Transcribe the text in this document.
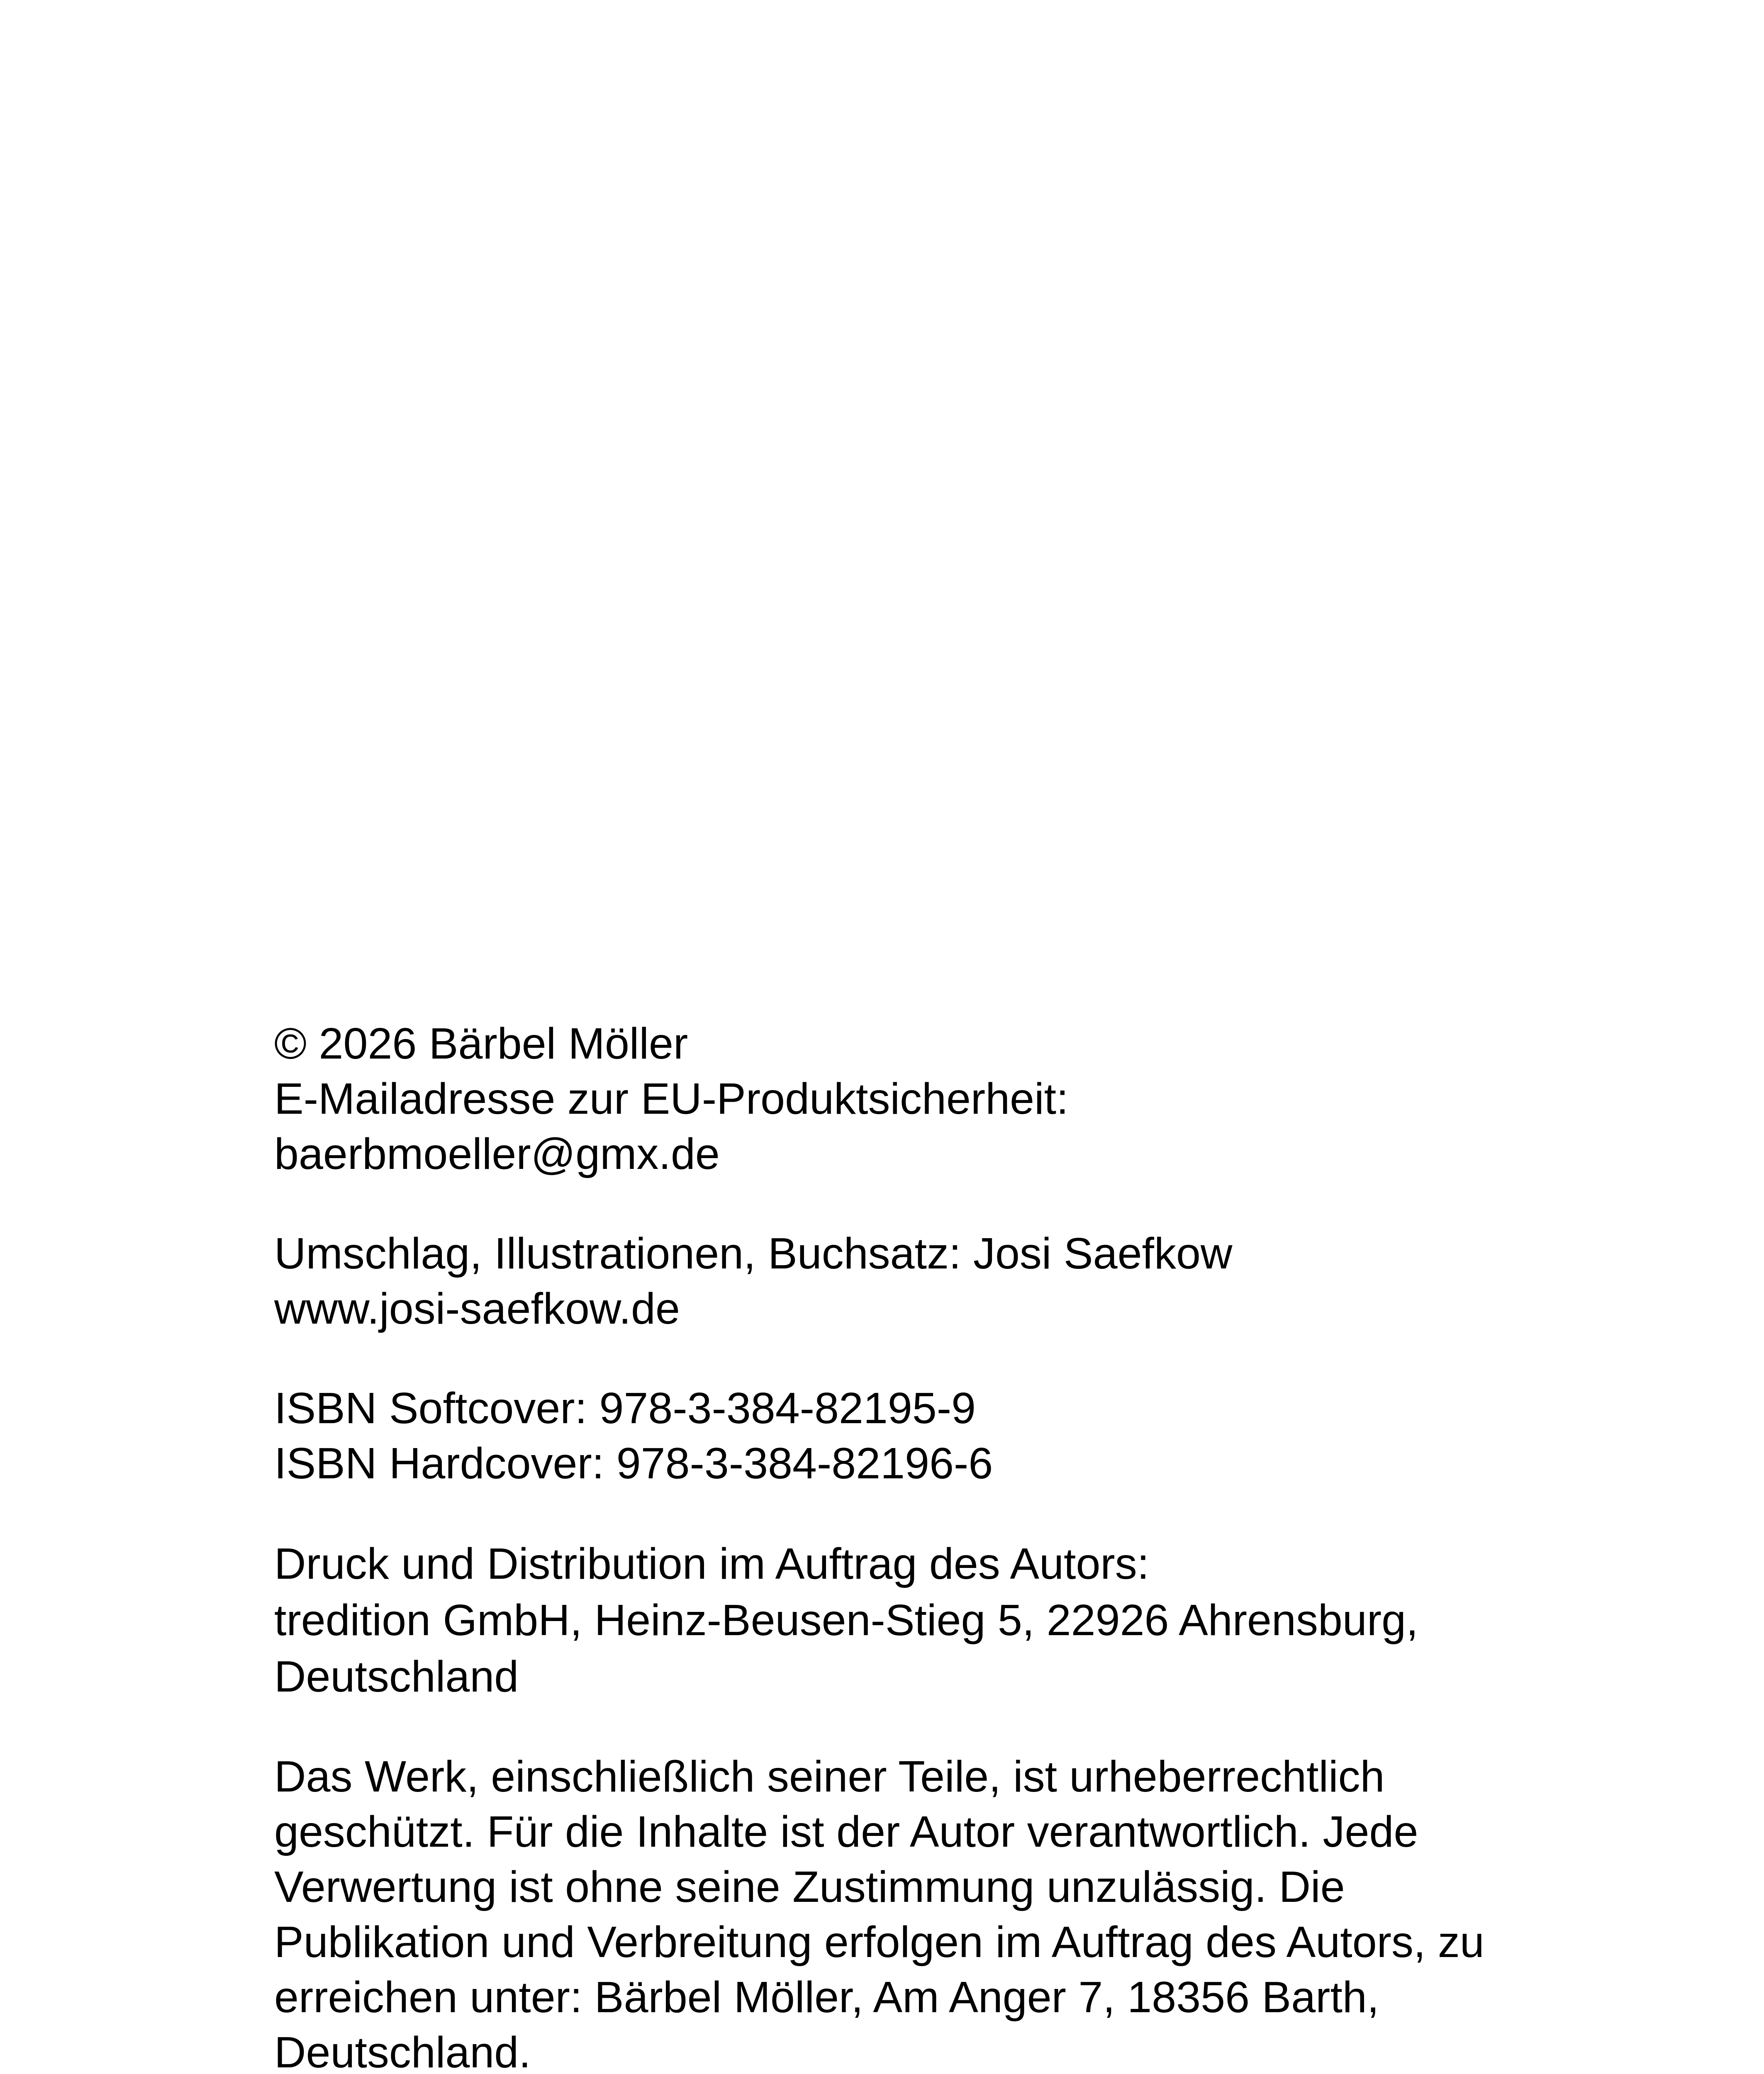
© 2026 Bärbel Möller
E-Mailadresse zur EU-Produktsicherheit:
baerbmoeller@gmx.de

Umschlag, Illustrationen, Buchsatz: Josi Saefkow
www.josi-saefkow.de

ISBN Softcover: 978-3-384-82195-9
ISBN Hardcover: 978-3-384-82196-6

Druck und Distribution im Auftrag des Autors:
tredition GmbH, Heinz-Beusen-Stieg 5, 22926 Ahrensburg,
Deutschland

Das Werk, einschließlich seiner Teile, ist urheberrechtlich
geschützt. Für die Inhalte ist der Autor verantwortlich. Jede
Verwertung ist ohne seine Zustimmung unzulässig. Die
Publikation und Verbreitung erfolgen im Auftrag des Autors, zu
erreichen unter: Bärbel Möller, Am Anger 7, 18356 Barth,
Deutschland.
